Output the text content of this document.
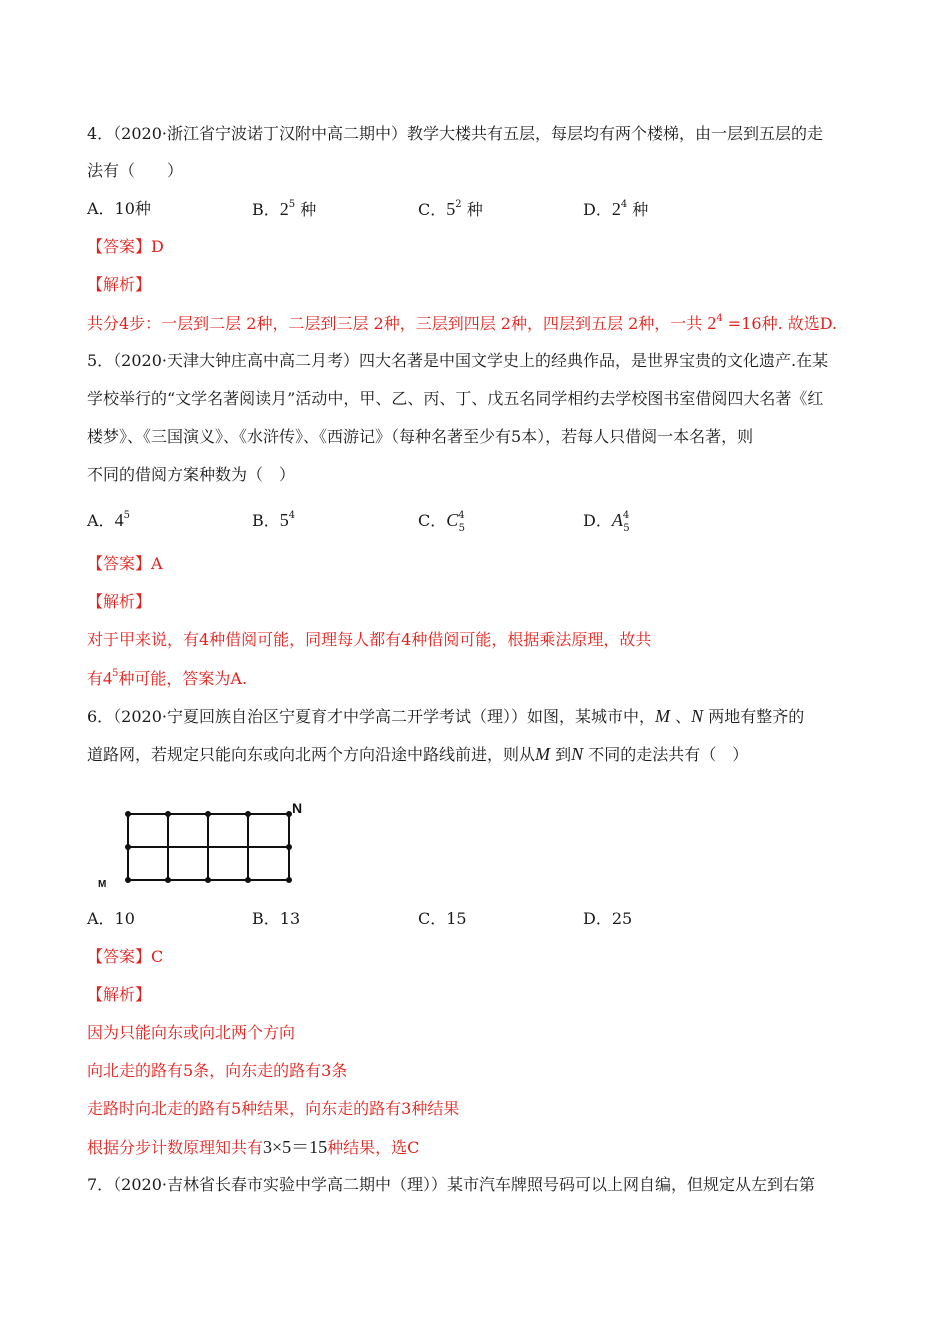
4．（2020·浙江省宁波诺丁汉附中高二期中）教学大楼共有五层，每层均有两个楼梯，由一层到五层的走
法有（　　）
A．10种	B．$2^5$ 种	C．$5^2$ 种	D．$2^4$ 种
【答案】D
【解析】
共分4步：一层到二层 2种，二层到三层 2种，三层到四层 2种，四层到五层 2种，一共 $2^4 =16$种. 故选D.
5．（2020·天津大钟庄高中高二月考）四大名著是中国文学史上的经典作品，是世界宝贵的文化遗产.在某
学校举行的“文学名著阅读月”活动中，甲、乙、丙、丁、戊五名同学相约去学校图书室借阅四大名著《红
楼梦》、《三国演义》、《水浒传》、《西游记》（每种名著至少有5本），若每人只借阅一本名著，则
不同的借阅方案种数为（　）
A．$4^5$	B．$5^4$	C．$C^4_5$	D．$A^4_5$
【答案】A
【解析】
对于甲来说，有4种借阅可能，同理每人都有4种借阅可能，根据乘法原理，故共
有$4^5$种可能，答案为A.
6．（2020·宁夏回族自治区宁夏育才中学高二开学考试（理））如图，某城市中，M 、N 两地有整齐的
道路网，若规定只能向东或向北两个方向沿途中路线前进，则从M 到N 不同的走法共有（　）
N
M
A．10	B．13	C．15	D．25
【答案】C
【解析】
因为只能向东或向北两个方向
向北走的路有5条，向东走的路有3条
走路时向北走的路有5种结果，向东走的路有3种结果
根据分步计数原理知共有3×5＝15种结果，选C
7．（2020·吉林省长春市实验中学高二期中（理））某市汽车牌照号码可以上网自编，但规定从左到右第
